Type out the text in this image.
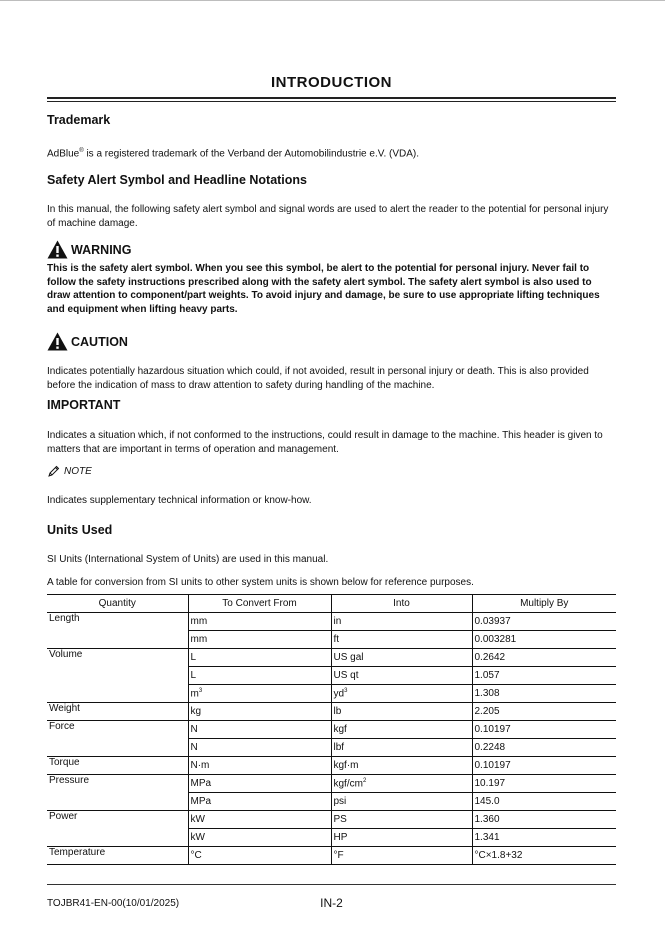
INTRODUCTION
Trademark
AdBlue® is a registered trademark of the Verband der Automobilindustrie e.V. (VDA).
Safety Alert Symbol and Headline Notations
In this manual, the following safety alert symbol and signal words are used to alert the reader to the potential for personal injury of machine damage.
WARNING
This is the safety alert symbol. When you see this symbol, be alert to the potential for personal injury. Never fail to follow the safety instructions prescribed along with the safety alert symbol. The safety alert symbol is also used to draw attention to component/part weights. To avoid injury and damage, be sure to use appropriate lifting techniques and equipment when lifting heavy parts.
CAUTION
Indicates potentially hazardous situation which could, if not avoided, result in personal injury or death. This is also provided before the indication of mass to draw attention to safety during handling of the machine.
IMPORTANT
Indicates a situation which, if not conformed to the instructions, could result in damage to the machine. This header is given to matters that are important in terms of operation and management.
NOTE
Indicates supplementary technical information or know-how.
Units Used
SI Units (International System of Units) are used in this manual.
A table for conversion from SI units to other system units is shown below for reference purposes.
Quantity	To Convert From	Into	Multiply By
Length	mm	in	0.03937
	mm	ft	0.003281
Volume	L	US gal	0.2642
	L	US qt	1.057
	$m^3$	$yd^3$	1.308
Weight	kg	lb	2.205
Force	N	kgf	0.10197
	N	lbf	0.2248
Torque	N·m	kgf·m	0.10197
Pressure	MPa	kgf/$cm^2$	10.197
	MPa	psi	145.0
Power	kW	PS	1.360
	kW	HP	1.341
Temperature	°C	°F	°C×1.8+32
TOJBR41-EN-00(10/01/2025)	IN-2
